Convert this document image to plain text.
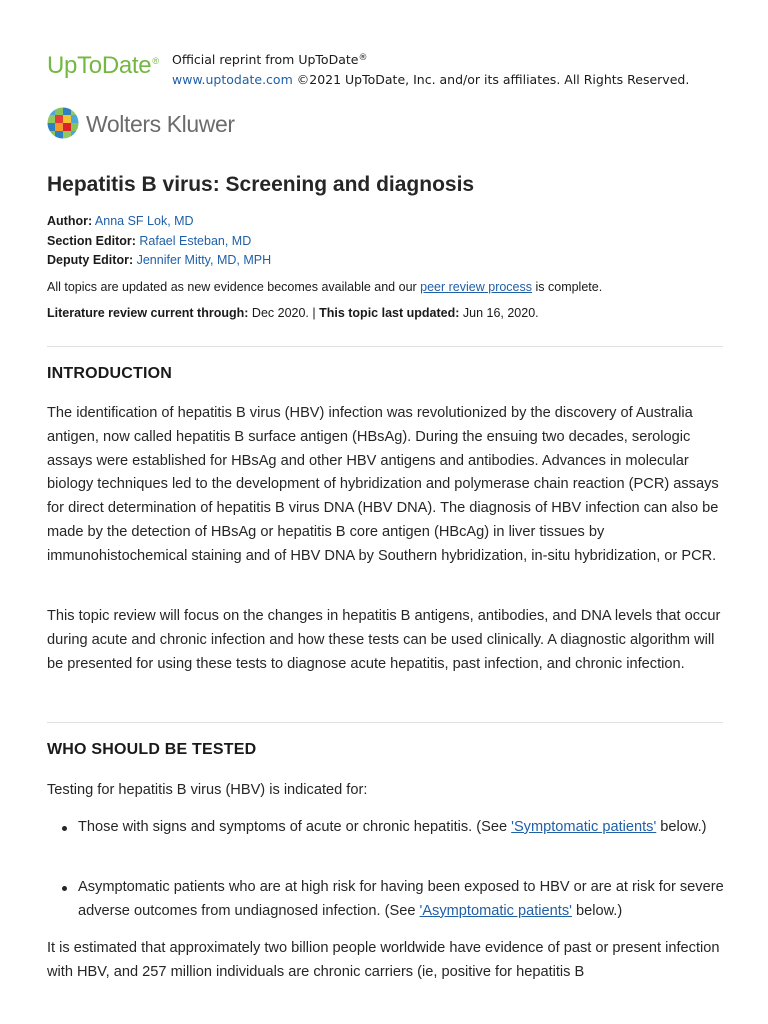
UpToDate® Official reprint from UpToDate®
www.uptodate.com ©2021 UpToDate, Inc. and/or its affiliates. All Rights Reserved.
Wolters Kluwer
Hepatitis B virus: Screening and diagnosis
Author: Anna SF Lok, MD
Section Editor: Rafael Esteban, MD
Deputy Editor: Jennifer Mitty, MD, MPH
All topics are updated as new evidence becomes available and our peer review process is complete.
Literature review current through: Dec 2020. | This topic last updated: Jun 16, 2020.
INTRODUCTION

The identification of hepatitis B virus (HBV) infection was revolutionized by the discovery of Australia antigen, now called hepatitis B surface antigen (HBsAg). During the ensuing two decades, serologic assays were established for HBsAg and other HBV antigens and antibodies. Advances in molecular biology techniques led to the development of hybridization and polymerase chain reaction (PCR) assays for direct determination of hepatitis B virus DNA (HBV DNA). The diagnosis of HBV infection can also be made by the detection of HBsAg or hepatitis B core antigen (HBcAg) in liver tissues by immunohistochemical staining and of HBV DNA by Southern hybridization, in-situ hybridization, or PCR.

This topic review will focus on the changes in hepatitis B antigens, antibodies, and DNA levels that occur during acute and chronic infection and how these tests can be used clinically. A diagnostic algorithm will be presented for using these tests to diagnose acute hepatitis, past infection, and chronic infection.

WHO SHOULD BE TESTED

Testing for hepatitis B virus (HBV) is indicated for:

Those with signs and symptoms of acute or chronic hepatitis. (See 'Symptomatic patients' below.)
Asymptomatic patients who are at high risk for having been exposed to HBV or are at risk for severe adverse outcomes from undiagnosed infection. (See 'Asymptomatic patients' below.)

It is estimated that approximately two billion people worldwide have evidence of past or present infection with HBV, and 257 million individuals are chronic carriers (ie, positive for hepatitis B
